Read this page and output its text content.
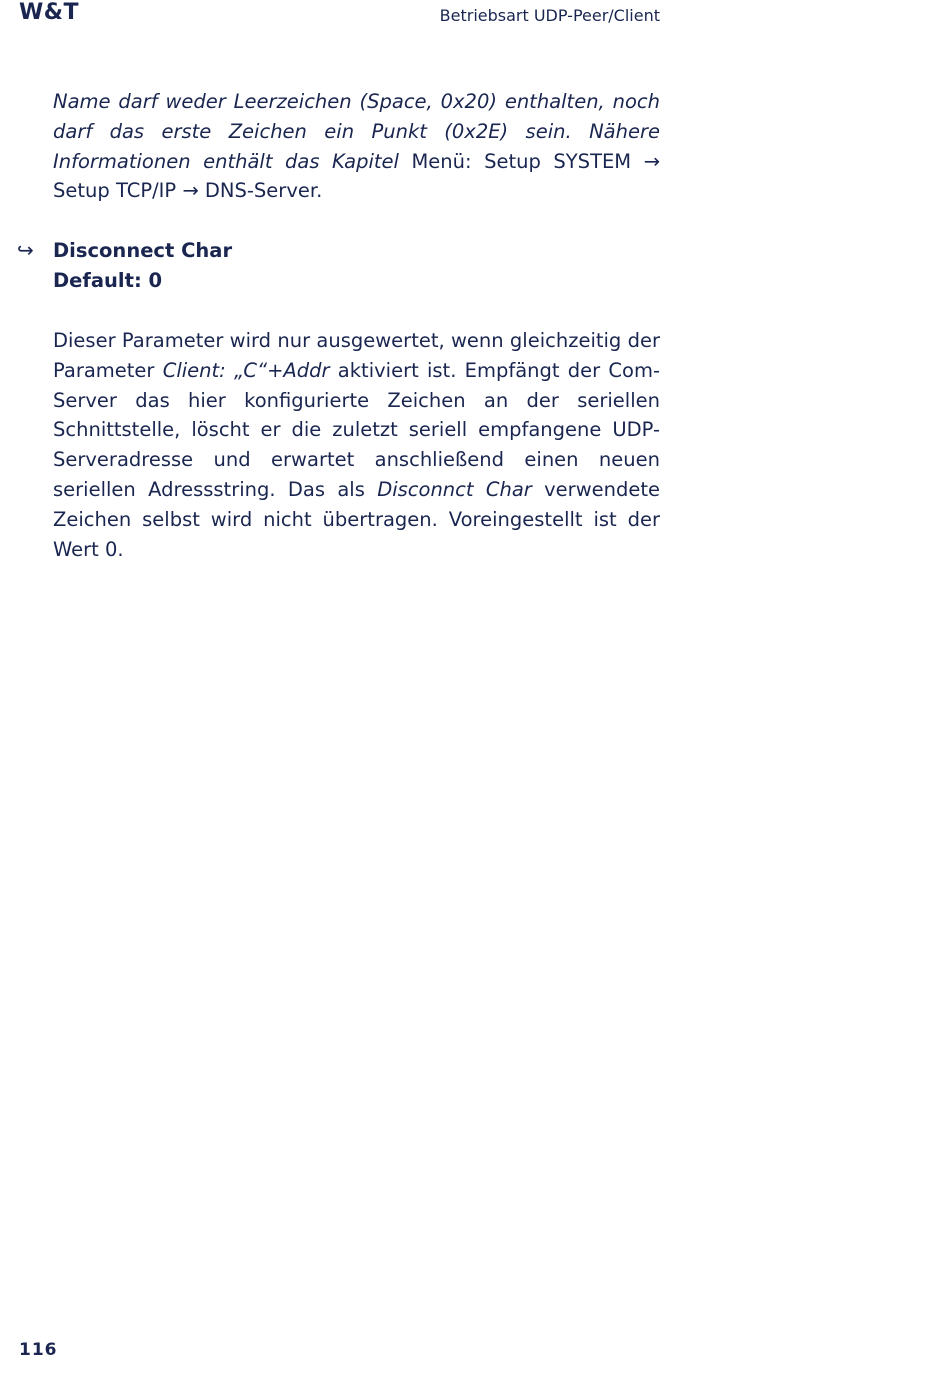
W&T	Betriebsart UDP-Peer/Client
Name darf weder Leerzeichen (Space, 0x20) enthalten, noch darf das erste Zeichen ein Punkt (0x2E) sein. Nähere Informationen enthält das Kapitel Menü: Setup SYSTEM → Setup TCP/IP → DNS-Server.
↪ Disconnect Char
Default: 0
Dieser Parameter wird nur ausgewertet, wenn gleichzeitig der Parameter Client: „C“+Addr aktiviert ist. Empfängt der Com-Server das hier konfigurierte Zeichen an der seriellen Schnittstelle, löscht er die zuletzt seriell empfangene UDP-Serveradresse und erwartet anschließend einen neuen seriellen Adressstring. Das als Disconnct Char verwendete Zeichen selbst wird nicht übertragen. Voreingestellt ist der Wert 0.
116
